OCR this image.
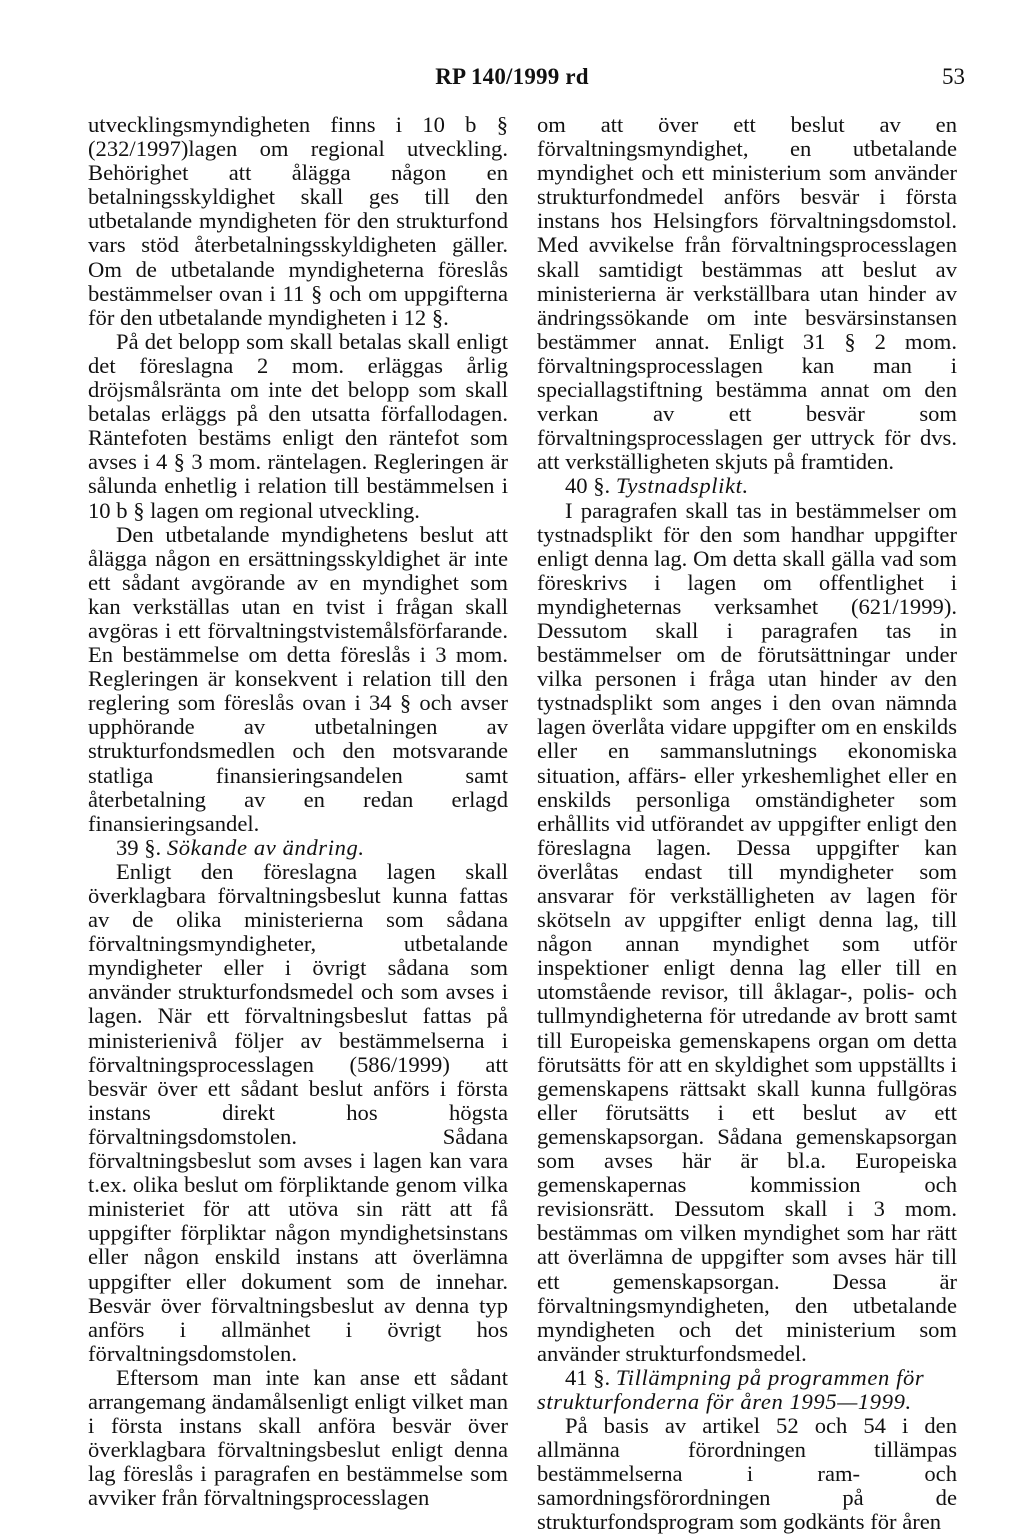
RP 140/1999 rd	53

utvecklingsmyndigheten finns i 10 b § (232/1997)lagen om regional utveckling. Behörighet att ålägga någon en betalningsskyldighet skall ges till den utbetalande myndigheten för den strukturfond vars stöd återbetalningsskyldigheten gäller. Om de utbetalande myndigheterna föreslås bestämmelser ovan i 11 § och om uppgifterna för den utbetalande myndigheten i 12 §.

På det belopp som skall betalas skall enligt det föreslagna 2 mom. erläggas årlig dröjsmålsränta om inte det belopp som skall betalas erläggs på den utsatta förfallodagen. Räntefoten bestäms enligt den räntefot som avses i 4 § 3 mom. räntelagen. Regleringen är sålunda enhetlig i relation till bestämmelsen i 10 b § lagen om regional utveckling.

Den utbetalande myndighetens beslut att ålägga någon en ersättningsskyldighet är inte ett sådant avgörande av en myndighet som kan verkställas utan en tvist i frågan skall avgöras i ett förvaltningstvistemålsförfarande. En bestämmelse om detta föreslås i 3 mom. Regleringen är konsekvent i relation till den reglering som föreslås ovan i 34 § och avser upphörande av utbetalningen av strukturfondsmedlen och den motsvarande statliga finansieringsandelen samt återbetalning av en redan erlagd finansieringsandel.

39 §. Sökande av ändring.

Enligt den föreslagna lagen skall överklagbara förvaltningsbeslut kunna fattas av de olika ministerierna som sådana förvaltningsmyndigheter, utbetalande myndigheter eller i övrigt sådana som använder strukturfondsmedel och som avses i lagen. När ett förvaltningsbeslut fattas på ministerienivå följer av bestämmelserna i förvaltningsprocesslagen (586/1999) att besvär över ett sådant beslut anförs i första instans direkt hos högsta förvaltningsdomstolen. Sådana förvaltningsbeslut som avses i lagen kan vara t.ex. olika beslut om förpliktande genom vilka ministeriet för att utöva sin rätt att få uppgifter förpliktar någon myndighetsinstans eller någon enskild instans att överlämna uppgifter eller dokument som de innehar. Besvär över förvaltningsbeslut av denna typ anförs i allmänhet i övrigt hos förvaltningsdomstolen.

Eftersom man inte kan anse ett sådant arrangemang ändamålsenligt enligt vilket man i första instans skall anföra besvär över överklagbara förvaltningsbeslut enligt denna lag föreslås i paragrafen en bestämmelse som avviker från förvaltningsprocesslagen

om att över ett beslut av en förvaltningsmyndighet, en utbetalande myndighet och ett ministerium som använder strukturfondmedel anförs besvär i första instans hos Helsingfors förvaltningsdomstol. Med avvikelse från förvaltningsprocesslagen skall samtidigt bestämmas att beslut av ministerierna är verkställbara utan hinder av ändringssökande om inte besvärsinstansen bestämmer annat. Enligt 31 § 2 mom. förvaltningsprocesslagen kan man i speciallagstiftning bestämma annat om den verkan av ett besvär som förvaltningsprocesslagen ger uttryck för dvs. att verkställigheten skjuts på framtiden.

40 §. Tystnadsplikt.

I paragrafen skall tas in bestämmelser om tystnadsplikt för den som handhar uppgifter enligt denna lag. Om detta skall gälla vad som föreskrivs i lagen om offentlighet i myndigheternas verksamhet (621/1999). Dessutom skall i paragrafen tas in bestämmelser om de förutsättningar under vilka personen i fråga utan hinder av den tystnadsplikt som anges i den ovan nämnda lagen överlåta vidare uppgifter om en enskilds eller en sammanslutnings ekonomiska situation, affärs- eller yrkeshemlighet eller en enskilds personliga omständigheter som erhållits vid utförandet av uppgifter enligt den föreslagna lagen. Dessa uppgifter kan överlåtas endast till myndigheter som ansvarar för verkställigheten av lagen för skötseln av uppgifter enligt denna lag, till någon annan myndighet som utför inspektioner enligt denna lag eller till en utomstående revisor, till åklagar-, polis- och tullmyndigheterna för utredande av brott samt till Europeiska gemenskapens organ om detta förutsätts för att en skyldighet som uppställts i gemenskapens rättsakt skall kunna fullgöras eller förutsätts i ett beslut av ett gemenskapsorgan. Sådana gemenskapsorgan som avses här är bl.a. Europeiska gemenskapernas kommission och revisionsrätt. Dessutom skall i 3 mom. bestämmas om vilken myndighet som har rätt att överlämna de uppgifter som avses här till ett gemenskapsorgan. Dessa är förvaltningsmyndigheten, den utbetalande myndigheten och det ministerium som använder strukturfondsmedel.

41 §. Tillämpning på programmen för strukturfonderna för åren 1995—1999.

På basis av artikel 52 och 54 i den allmänna förordningen tillämpas bestämmelserna i ram- och samordningsförordningen på de strukturfondsprogram som godkänts för åren
